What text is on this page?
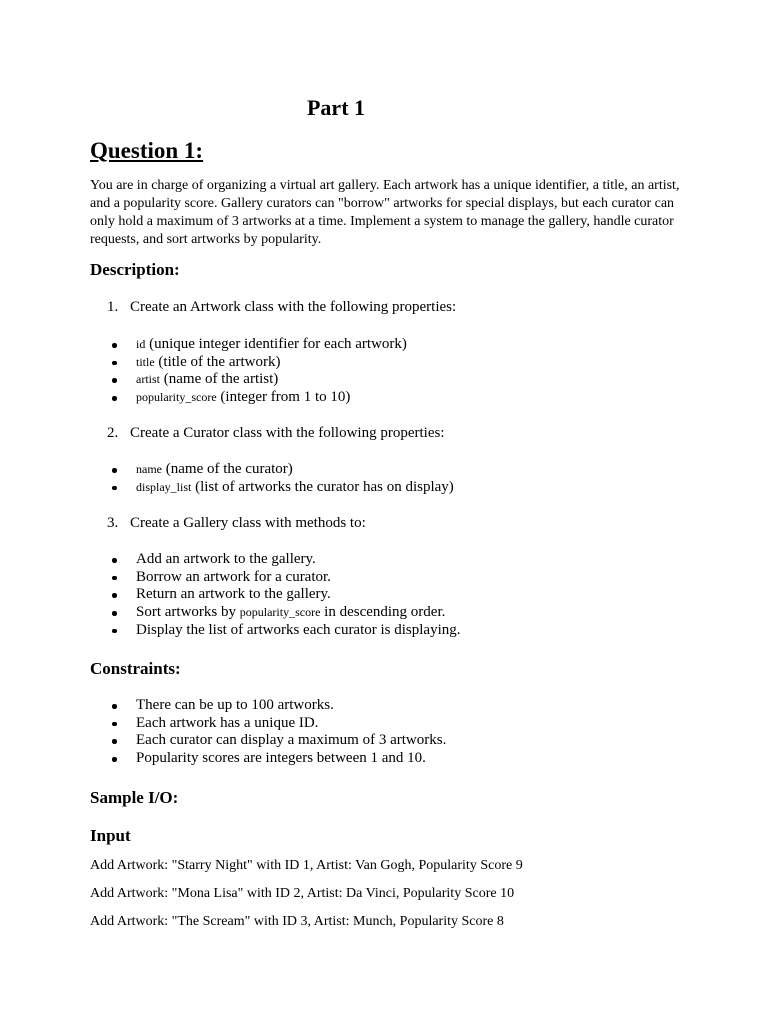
Part 1
Question 1:
You are in charge of organizing a virtual art gallery. Each artwork has a unique identifier, a title, an artist,
and a popularity score. Gallery curators can "borrow" artworks for special displays, but each curator can
only hold a maximum of 3 artworks at a time. Implement a system to manage the gallery, handle curator
requests, and sort artworks by popularity.
Description:

1. Create an Artwork class with the following properties:

id (unique integer identifier for each artwork)
title (title of the artwork)
artist (name of the artist)
popularity_score (integer from 1 to 10)

2. Create a Curator class with the following properties:

name (name of the curator)
display_list (list of artworks the curator has on display)

3. Create a Gallery class with methods to:

Add an artwork to the gallery.
Borrow an artwork for a curator.
Return an artwork to the gallery.
Sort artworks by popularity_score in descending order.
Display the list of artworks each curator is displaying.
Constraints:
There can be up to 100 artworks.
Each artwork has a unique ID.
Each curator can display a maximum of 3 artworks.
Popularity scores are integers between 1 and 10.
Sample I/O:
Input

Add Artwork: "Starry Night" with ID 1, Artist: Van Gogh, Popularity Score 9

Add Artwork: "Mona Lisa" with ID 2, Artist: Da Vinci, Popularity Score 10

Add Artwork: "The Scream" with ID 3, Artist: Munch, Popularity Score 8
